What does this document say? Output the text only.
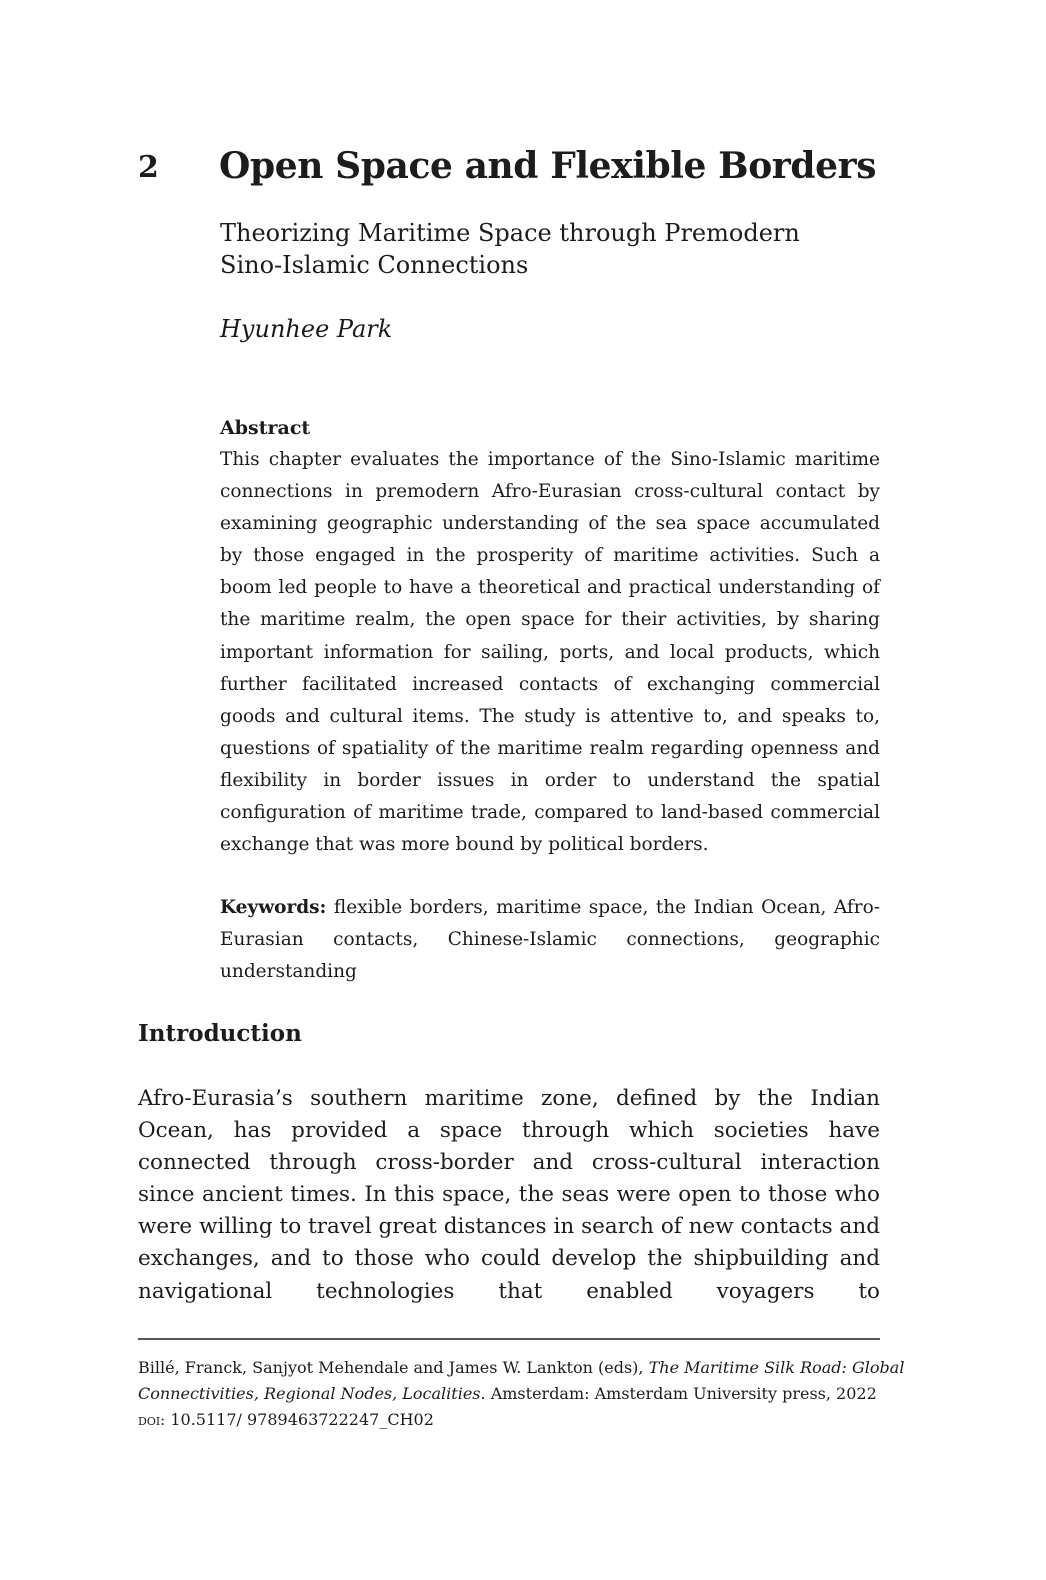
2 Open Space and Flexible Borders
Theorizing Maritime Space through Premodern
Sino-Islamic Connections
Hyunhee Park
Abstract

This chapter evaluates the importance of the Sino-Islamic maritime connections in premodern Afro-Eurasian cross-cultural contact by examining geographic understanding of the sea space accumulated by those engaged in the prosperity of maritime activities. Such a boom led people to have a theoretical and practical understanding of the maritime realm, the open space for their activities, by sharing important information for sailing, ports, and local products, which further facilitated increased contacts of exchanging commercial goods and cultural items. The study is attentive to, and speaks to, questions of spatiality of the maritime realm regarding openness and flexibility in border issues in order to understand the spatial configuration of maritime trade, compared to land-based commercial exchange that was more bound by political borders.

Keywords: flexible borders, maritime space, the Indian Ocean, Afro-Eurasian contacts, Chinese-Islamic connections, geographic understanding

Introduction

Afro-Eurasia’s southern maritime zone, defined by the Indian Ocean, has provided a space through which societies have connected through cross-border and cross-cultural interaction since ancient times. In this space, the seas were open to those who were willing to travel great distances in search of new contacts and exchanges, and to those who could develop the shipbuilding and navigational technologies that enabled voyagers to

Billé, Franck, Sanjyot Mehendale and James W. Lankton (eds), The Maritime Silk Road: Global
Connectivities, Regional Nodes, Localities. Amsterdam: Amsterdam University press, 2022
doi: 10.5117/ 9789463722247_CH02
